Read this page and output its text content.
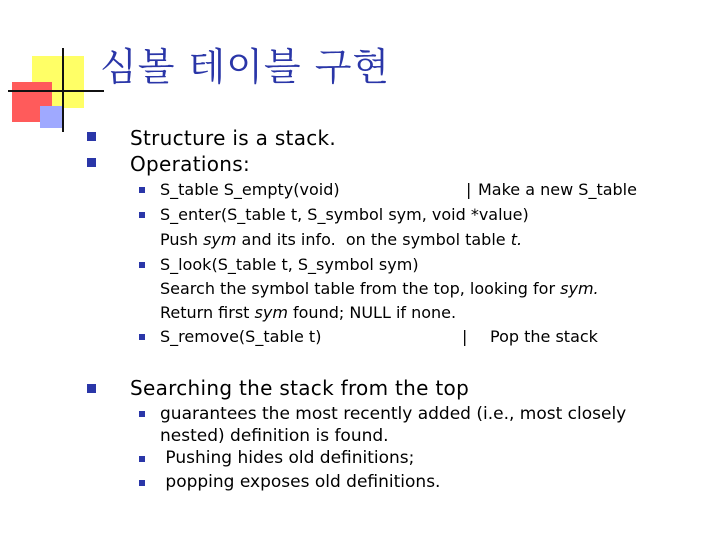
심볼 테이블 구현
Structure is a stack.
Operations:
S_table S_empty(void)	| Make a new S_table
S_enter(S_table t, S_symbol sym, void *value)
Push sym and its info.  on the symbol table t.
S_look(S_table t, S_symbol sym)
Search the symbol table from the top, looking for sym.
Return first sym found; NULL if none.
S_remove(S_table t)	| Pop the stack
Searching the stack from the top
guarantees the most recently added (i.e., most closely
nested) definition is found.
Pushing hides old definitions;
popping exposes old definitions.
